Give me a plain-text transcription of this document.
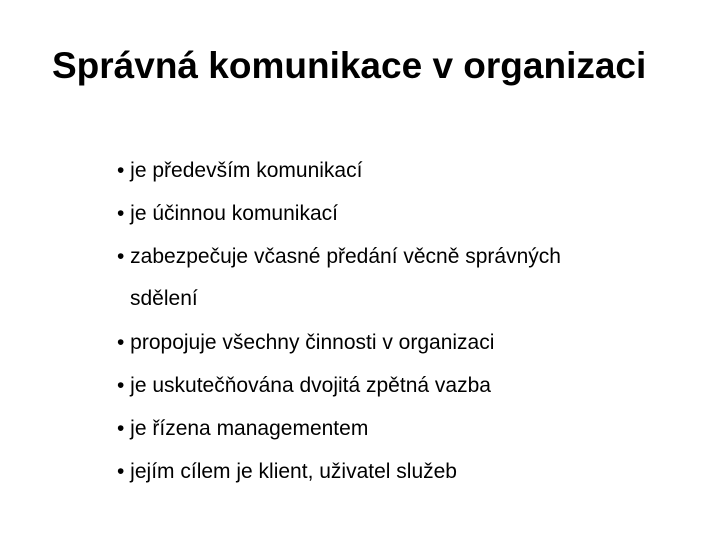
Správná komunikace v organizaci
• je především komunikací
• je účinnou komunikací
• zabezpečuje včasné předání věcně správných
sdělení
• propojuje všechny činnosti v organizaci
• je uskutečňována dvojitá zpětná vazba
• je řízena managementem
• jejím cílem je klient, uživatel služeb
